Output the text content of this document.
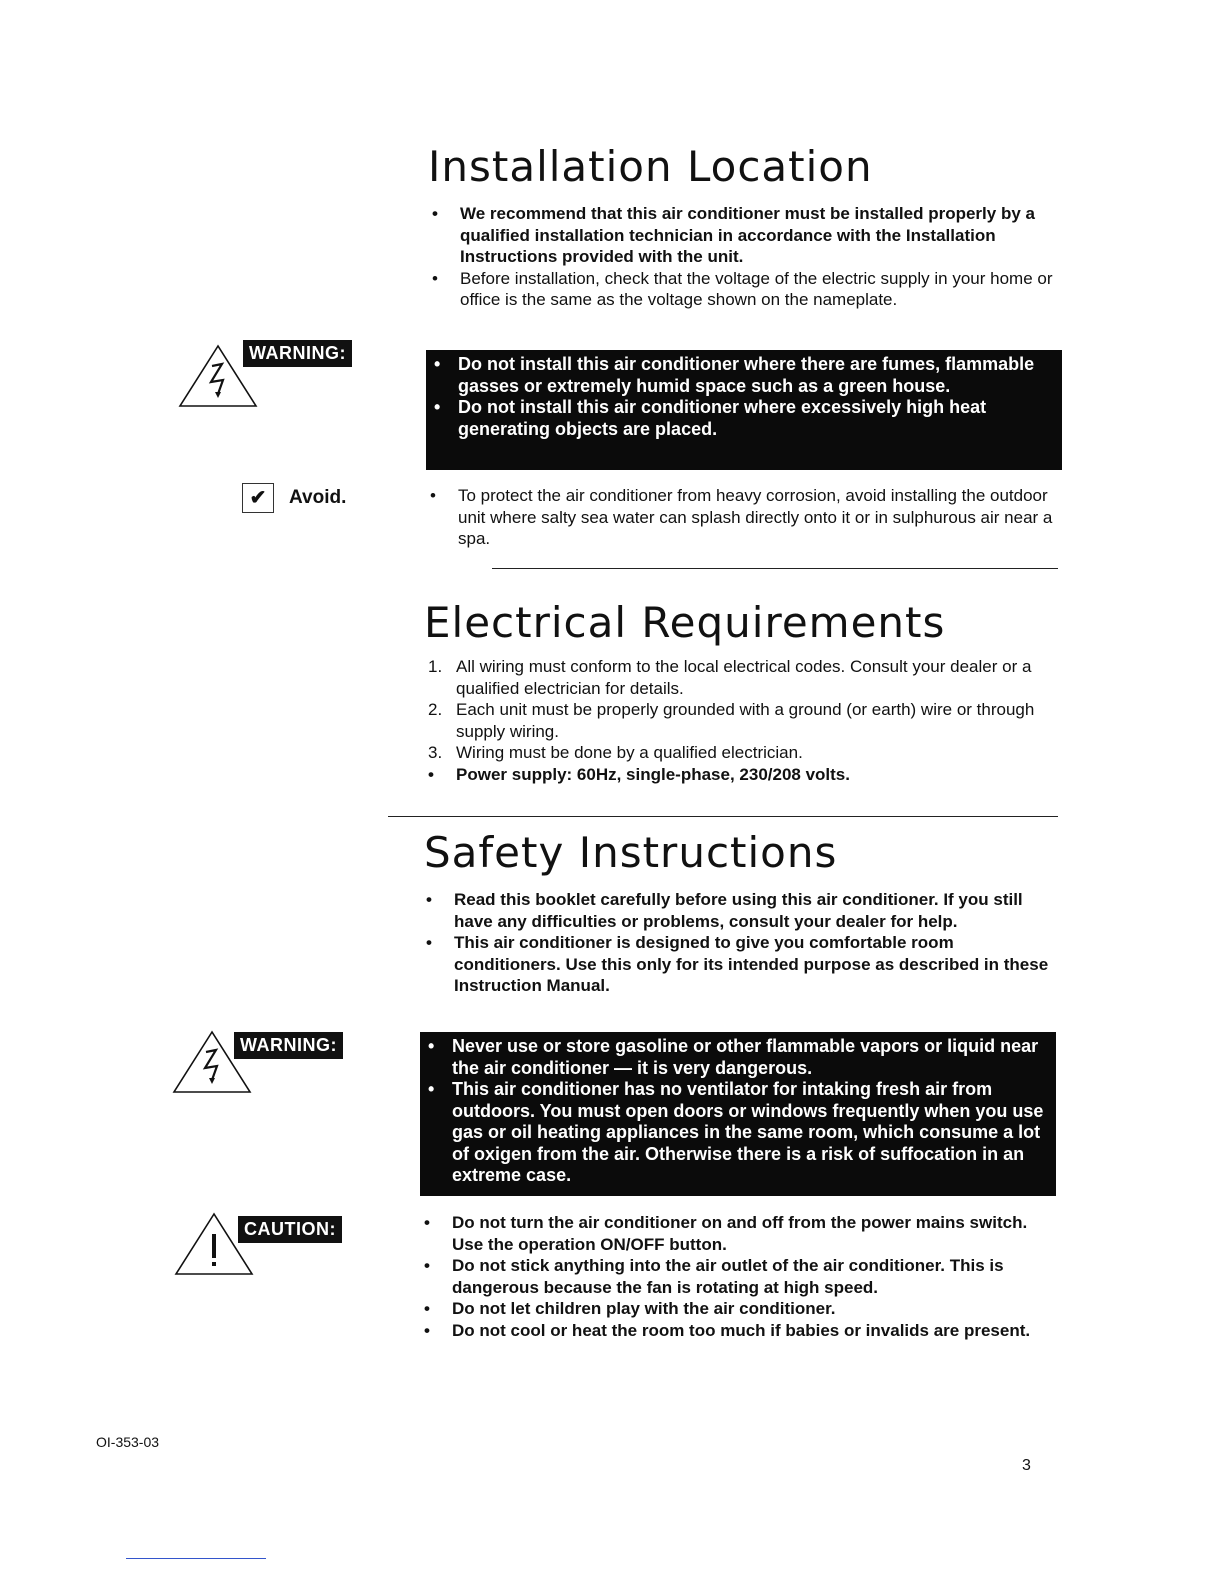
Installation Location
• We recommend that this air conditioner must be installed properly by a qualified installation technician in accordance with the Installation Instructions provided with the unit.
• Before installation, check that the voltage of the electric supply in your home or office is the same as the voltage shown on the nameplate.
WARNING:
• Do not install this air conditioner where there are fumes, flammable gasses or extremely humid space such as a green house.
• Do not install this air conditioner where excessively high heat generating objects are placed.
✔	Avoid.	• To protect the air conditioner from heavy corrosion, avoid installing the outdoor unit where salty sea water can splash directly onto it or in sulphurous air near a spa.
Electrical Requirements
1. All wiring must conform to the local electrical codes. Consult your dealer or a qualified electrician for details.
2. Each unit must be properly grounded with a ground (or earth) wire or through supply wiring.
3. Wiring must be done by a qualified electrician.
• Power supply: 60Hz, single-phase, 230/208 volts.
Safety Instructions
• Read this booklet carefully before using this air conditioner. If you still have any difficulties or problems, consult your dealer for help.
• This air conditioner is designed to give you comfortable room conditioners. Use this only for its intended purpose as described in these Instruction Manual.
WARNING:	• Never use or store gasoline or other flammable vapors or liquid near the air conditioner — it is very dangerous.
• This air conditioner has no ventilator for intaking fresh air from outdoors. You must open doors or windows frequently when you use gas or oil heating appliances in the same room, which consume a lot of oxigen from the air. Otherwise there is a risk of suffocation in an extreme case.
CAUTION:	• Do not turn the air conditioner on and off from the power mains switch. Use the operation ON/OFF button.
• Do not stick anything into the air outlet of the air conditioner. This is dangerous because the fan is rotating at high speed.
• Do not let children play with the air conditioner.
• Do not cool or heat the room too much if babies or invalids are present.
OI-353-03
3
